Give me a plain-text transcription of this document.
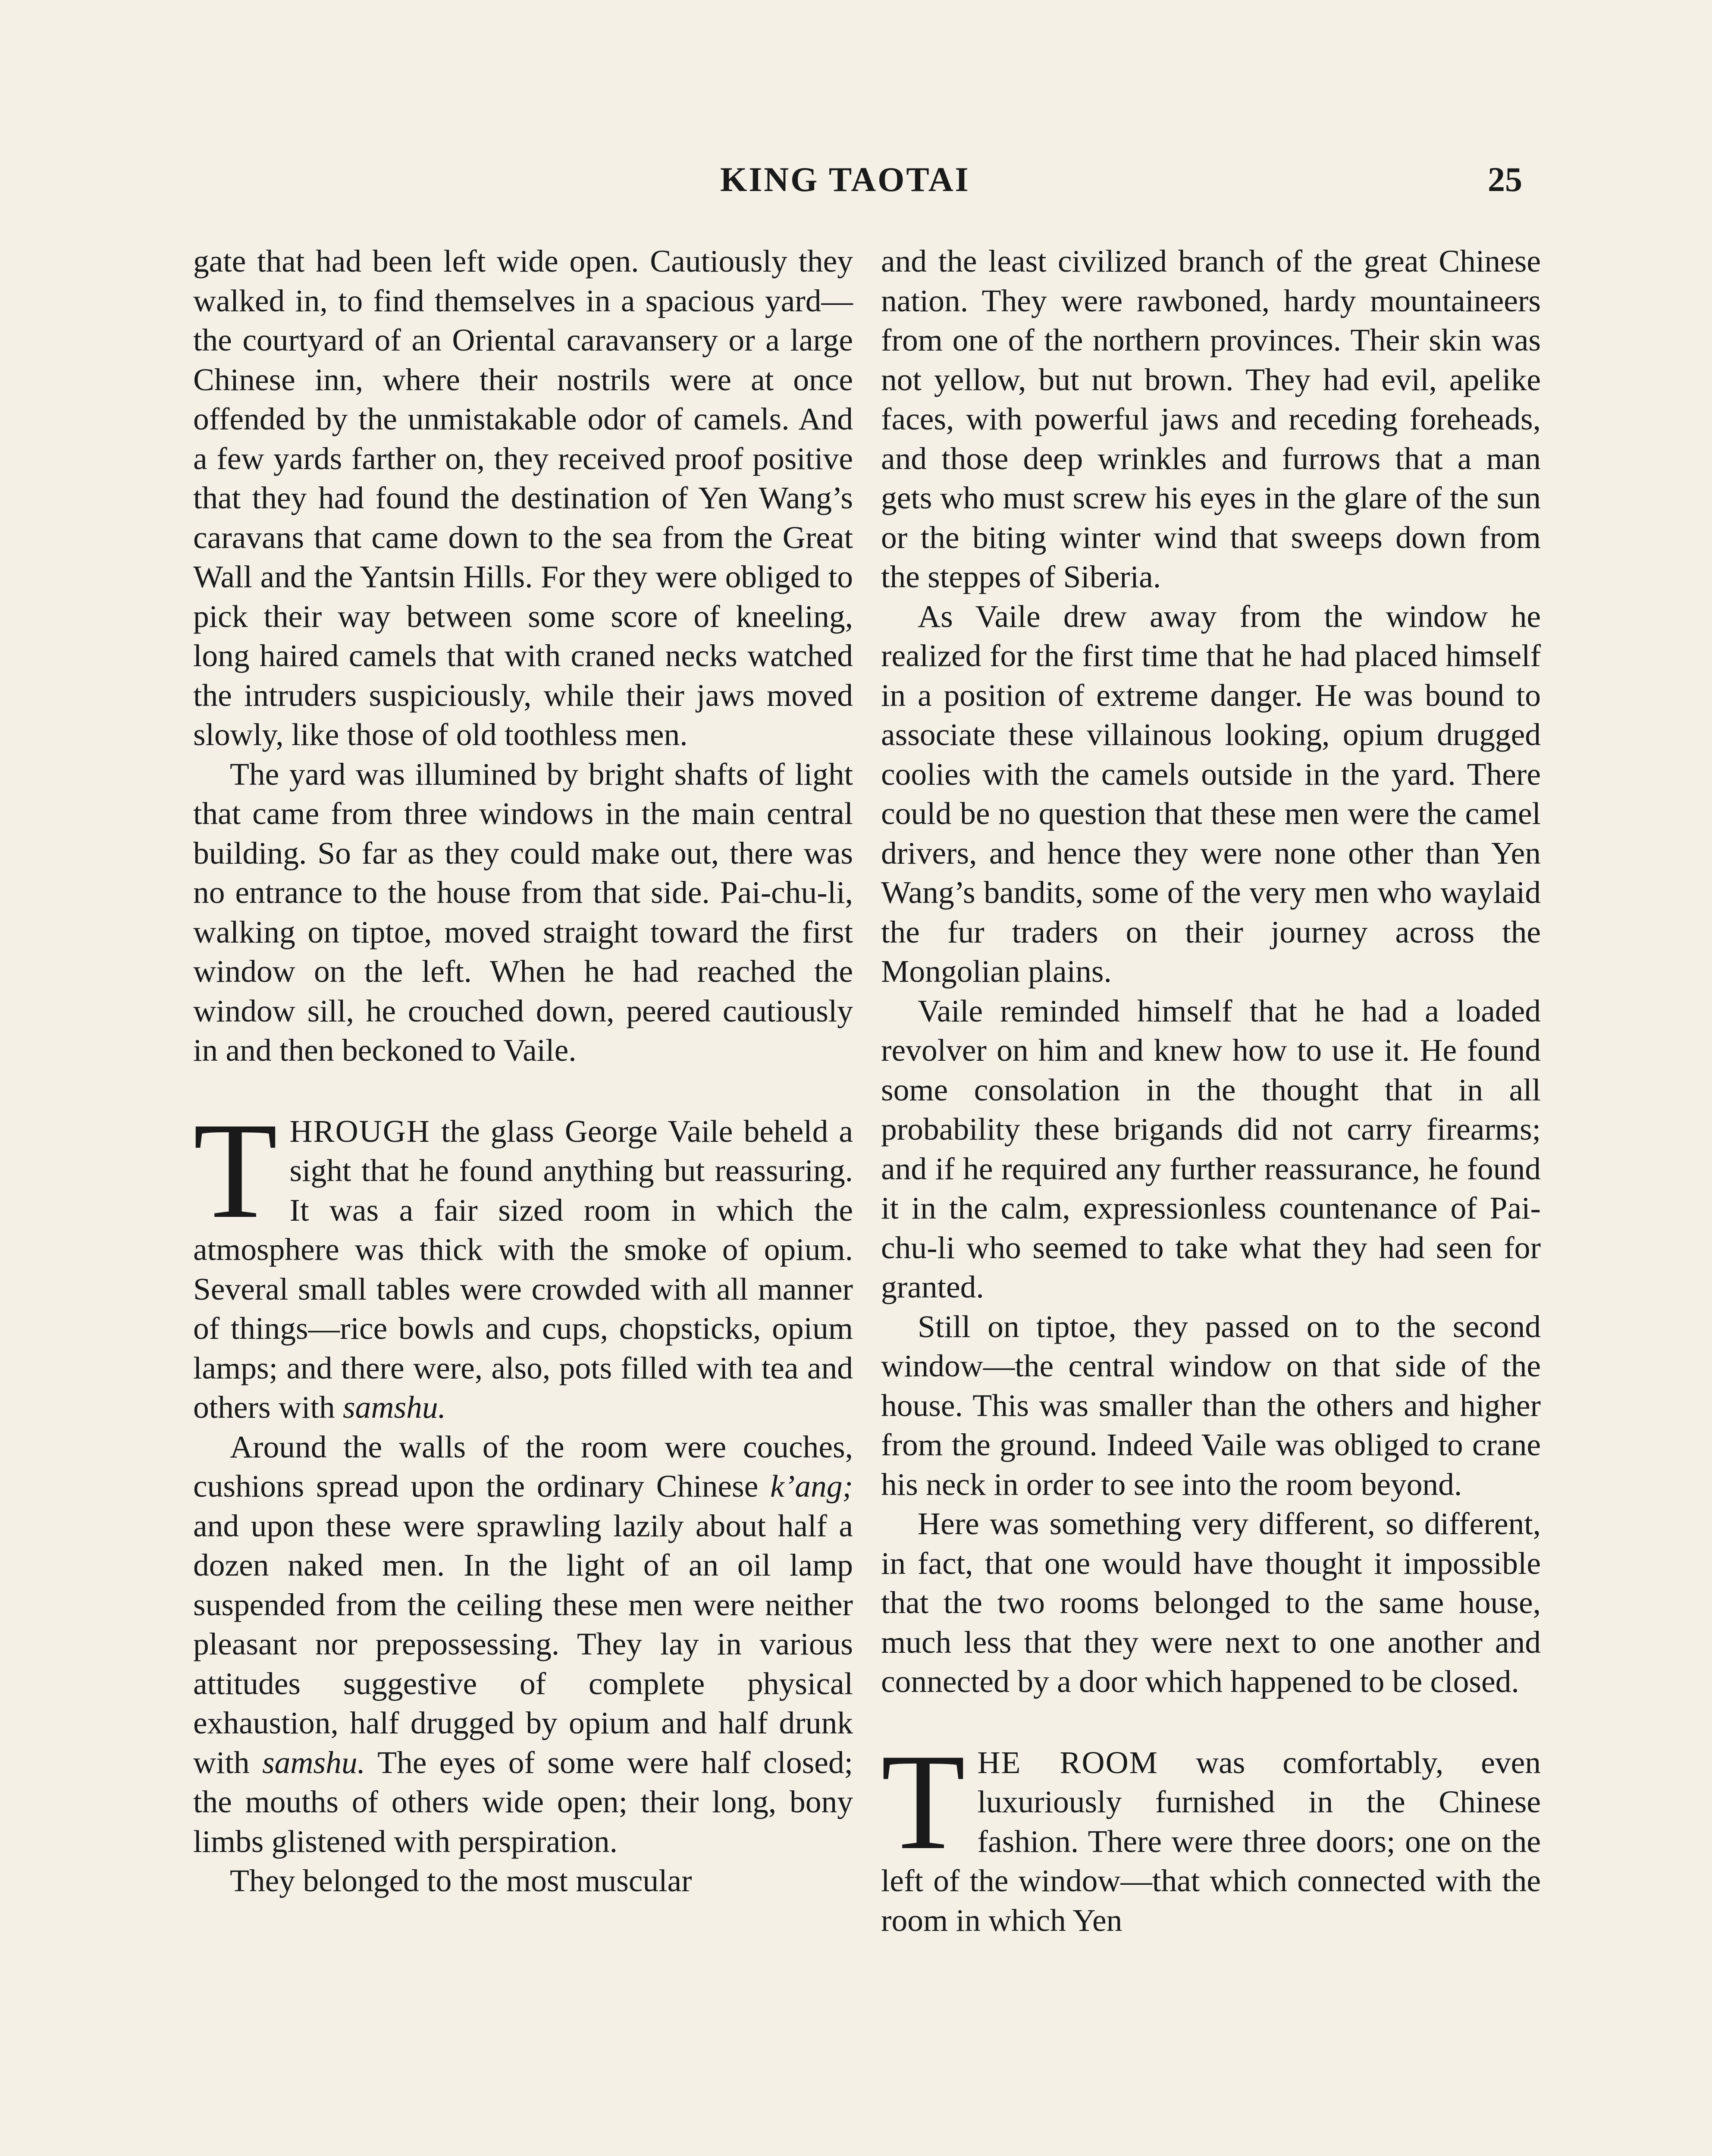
KING TAOTAI	25

gate that had been left wide open. Cautiously they walked in, to find themselves in a spacious yard—the courtyard of an Oriental caravansery or a large Chinese inn, where their nostrils were at once offended by the unmistakable odor of camels. And a few yards farther on, they received proof positive that they had found the destination of Yen Wang’s caravans that came down to the sea from the Great Wall and the Yantsin Hills. For they were obliged to pick their way between some score of kneeling, long haired camels that with craned necks watched the intruders suspiciously, while their jaws moved slowly, like those of old toothless men.

The yard was illumined by bright shafts of light that came from three windows in the main central building. So far as they could make out, there was no entrance to the house from that side. Pai-chu-li, walking on tiptoe, moved straight toward the first window on the left. When he had reached the window sill, he crouched down, peered cautiously in and then beckoned to Vaile.

THROUGH the glass George Vaile beheld a sight that he found anything but reassuring. It was a fair sized room in which the atmosphere was thick with the smoke of opium. Several small tables were crowded with all manner of things—rice bowls and cups, chopsticks, opium lamps; and there were, also, pots filled with tea and others with samshu.

Around the walls of the room were couches, cushions spread upon the ordinary Chinese k’ang; and upon these were sprawling lazily about half a dozen naked men. In the light of an oil lamp suspended from the ceiling these men were neither pleasant nor prepossessing. They lay in various attitudes suggestive of complete physical exhaustion, half drugged by opium and half drunk with samshu. The eyes of some were half closed; the mouths of others wide open; their long, bony limbs glistened with perspiration.

They belonged to the most muscular

and the least civilized branch of the great Chinese nation. They were rawboned, hardy mountaineers from one of the northern provinces. Their skin was not yellow, but nut brown. They had evil, apelike faces, with powerful jaws and receding foreheads, and those deep wrinkles and furrows that a man gets who must screw his eyes in the glare of the sun or the biting winter wind that sweeps down from the steppes of Siberia.

As Vaile drew away from the window he realized for the first time that he had placed himself in a position of extreme danger. He was bound to associate these villainous looking, opium drugged coolies with the camels outside in the yard. There could be no question that these men were the camel drivers, and hence they were none other than Yen Wang’s bandits, some of the very men who waylaid the fur traders on their journey across the Mongolian plains.

Vaile reminded himself that he had a loaded revolver on him and knew how to use it. He found some consolation in the thought that in all probability these brigands did not carry firearms; and if he required any further reassurance, he found it in the calm, expressionless countenance of Pai-chu-li who seemed to take what they had seen for granted.

Still on tiptoe, they passed on to the second window—the central window on that side of the house. This was smaller than the others and higher from the ground. Indeed Vaile was obliged to crane his neck in order to see into the room beyond.

Here was something very different, so different, in fact, that one would have thought it impossible that the two rooms belonged to the same house, much less that they were next to one another and connected by a door which happened to be closed.

THE ROOM was comfortably, even luxuriously furnished in the Chinese fashion. There were three doors; one on the left of the window—that which connected with the room in which Yen
